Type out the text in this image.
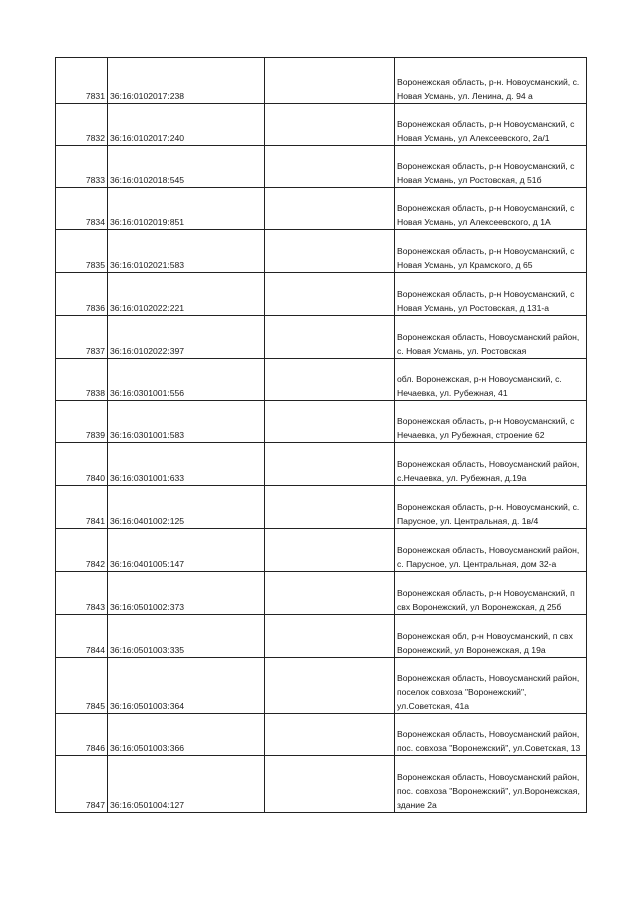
7831	36:16:0102017:238		Воронежская область, р-н. Новоусманский, с. Новая Усмань, ул. Ленина, д. 94 а
7832	36:16:0102017:240		Воронежская область, р-н Новоусманский, с Новая Усмань, ул Алексеевского, 2а/1
7833	36:16:0102018:545		Воронежская область, р-н Новоусманский, с Новая Усмань, ул Ростовская, д 51б
7834	36:16:0102019:851		Воронежская область, р-н Новоусманский, с Новая Усмань, ул Алексеевского, д 1А
7835	36:16:0102021:583		Воронежская область, р-н Новоусманский, с Новая Усмань, ул Крамского, д 65
7836	36:16:0102022:221		Воронежская область, р-н Новоусманский, с Новая Усмань, ул Ростовская, д 131-а
7837	36:16:0102022:397		Воронежская область, Новоусманский район, с. Новая Усмань, ул. Ростовская
7838	36:16:0301001:556		обл. Воронежская, р-н Новоусманский, с. Нечаевка, ул. Рубежная, 41
7839	36:16:0301001:583		Воронежская область, р-н Новоусманский, с Нечаевка, ул Рубежная, строение 62
7840	36:16:0301001:633		Воронежская область, Новоусманский район, с.Нечаевка, ул. Рубежная, д.19а
7841	36:16:0401002:125		Воронежская область, р-н. Новоусманский, с. Парусное, ул. Центральная, д. 1в/4
7842	36:16:0401005:147		Воронежская область, Новоусманский район, с. Парусное, ул. Центральная, дом 32-а
7843	36:16:0501002:373		Воронежская область, р-н Новоусманский, п свх Воронежский, ул Воронежская, д 25б
7844	36:16:0501003:335		Воронежская обл, р-н Новоусманский, п свх Воронежский, ул Воронежская, д 19а
7845	36:16:0501003:364		Воронежская область, Новоусманский район, поселок совхоза "Воронежский", ул.Советская, 41а
7846	36:16:0501003:366		Воронежская область, Новоусманский район, пос. совхоза "Воронежский", ул.Советская, 13
7847	36:16:0501004:127		Воронежская область, Новоусманский район, пос. совхоза "Воронежский", ул.Воронежская, здание 2а
